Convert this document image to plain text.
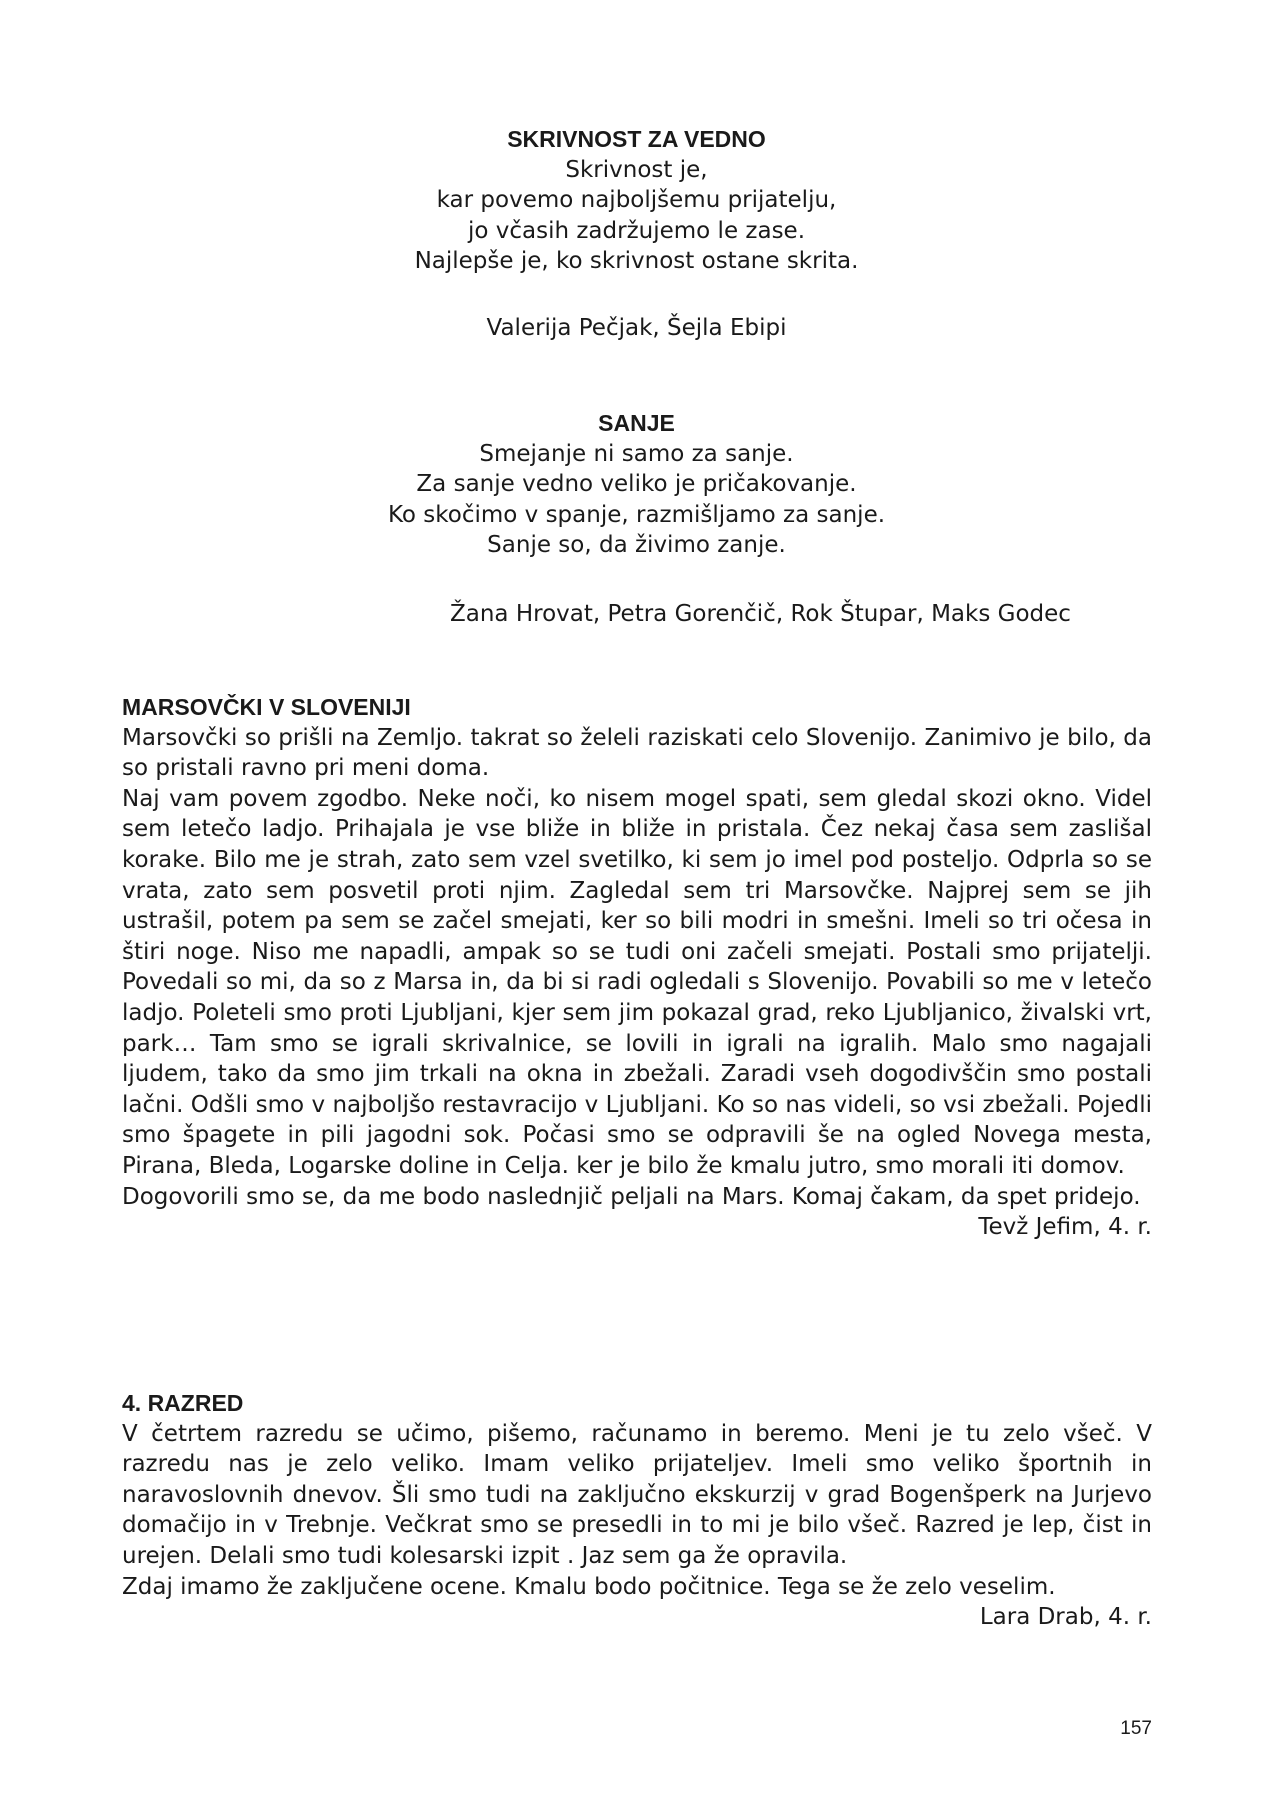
SKRIVNOST ZA VEDNO
Skrivnost je,
kar povemo najboljšemu prijatelju,
jo včasih zadržujemo le zase.
Najlepše je, ko skrivnost ostane skrita.
Valerija Pečjak, Šejla Ebipi
SANJE
Smejanje ni samo za sanje.
Za sanje vedno veliko je pričakovanje.
Ko skočimo v spanje, razmišljamo za sanje.
Sanje so, da živimo zanje.
Žana Hrovat, Petra Gorenčič, Rok Štupar, Maks Godec
MARSOVČKI V SLOVENIJI
Marsovčki so prišli na Zemljo. takrat so želeli raziskati celo Slovenijo. Zanimivo je bilo, da so pristali ravno pri meni doma.
Naj vam povem zgodbo. Neke noči, ko nisem mogel spati, sem gledal skozi okno. Videl sem letečo ladjo. Prihajala je vse bliže in bliže in pristala. Čez nekaj časa sem zaslišal korake. Bilo me je strah, zato sem vzel svetilko, ki sem jo imel pod posteljo. Odprla so se vrata, zato sem posvetil proti njim. Zagledal sem tri Marsovčke. Najprej sem se jih ustrašil, potem pa sem se začel smejati, ker so bili modri in smešni. Imeli so tri očesa in štiri noge. Niso me napadli, ampak so se tudi oni začeli smejati. Postali smo prijatelji. Povedali so mi, da so z Marsa in, da bi si radi ogledali s Slovenijo. Povabili so me v letečo ladjo. Poleteli smo proti Ljubljani, kjer sem jim pokazal grad, reko Ljubljanico, živalski vrt, park… Tam smo se igrali skrivalnice, se lovili in igrali na igralih. Malo smo nagajali ljudem, tako da smo jim trkali na okna in zbežali. Zaradi vseh dogodivščin smo postali lačni. Odšli smo v najboljšo restavracijo v Ljubljani. Ko so nas videli, so vsi zbežali. Pojedli smo špagete in pili jagodni sok. Počasi smo se odpravili še na ogled Novega mesta, Pirana, Bleda, Logarske doline in Celja. ker je bilo že kmalu jutro, smo morali iti domov.
Dogovorili smo se, da me bodo naslednjič peljali na Mars. Komaj čakam, da spet pridejo.
Tevž Jefim, 4. r.
4. RAZRED
V četrtem razredu se učimo, pišemo, računamo in beremo. Meni je tu zelo všeč. V razredu nas je zelo veliko. Imam veliko prijateljev. Imeli smo veliko športnih in naravoslovnih dnevov. Šli smo tudi na zaključno ekskurzij v grad Bogenšperk na Jurjevo domačijo in v Trebnje. Večkrat smo se presedli in to mi je bilo všeč. Razred je lep, čist in urejen. Delali smo tudi kolesarski izpit . Jaz sem ga že opravila.
Zdaj imamo že zaključene ocene. Kmalu bodo počitnice. Tega se že zelo veselim.
Lara Drab, 4. r.
157
